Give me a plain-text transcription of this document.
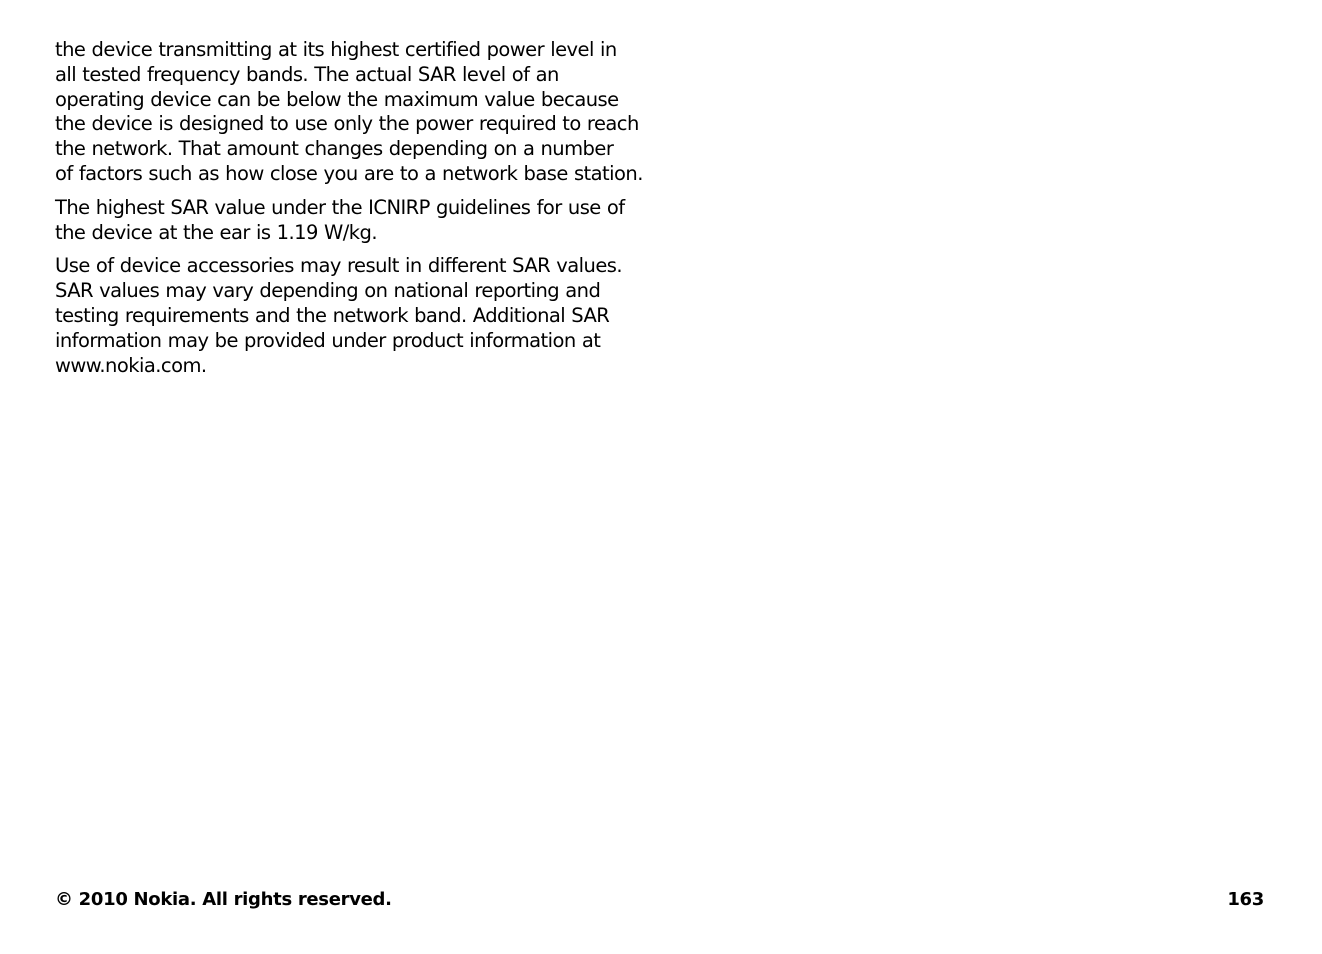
the device transmitting at its highest certified power level in
all tested frequency bands. The actual SAR level of an
operating device can be below the maximum value because
the device is designed to use only the power required to reach
the network. That amount changes depending on a number
of factors such as how close you are to a network base station.

The highest SAR value under the ICNIRP guidelines for use of
the device at the ear is 1.19 W/kg.

Use of device accessories may result in different SAR values.
SAR values may vary depending on national reporting and
testing requirements and the network band. Additional SAR
information may be provided under product information at
www.nokia.com.

© 2010 Nokia. All rights reserved.	163
